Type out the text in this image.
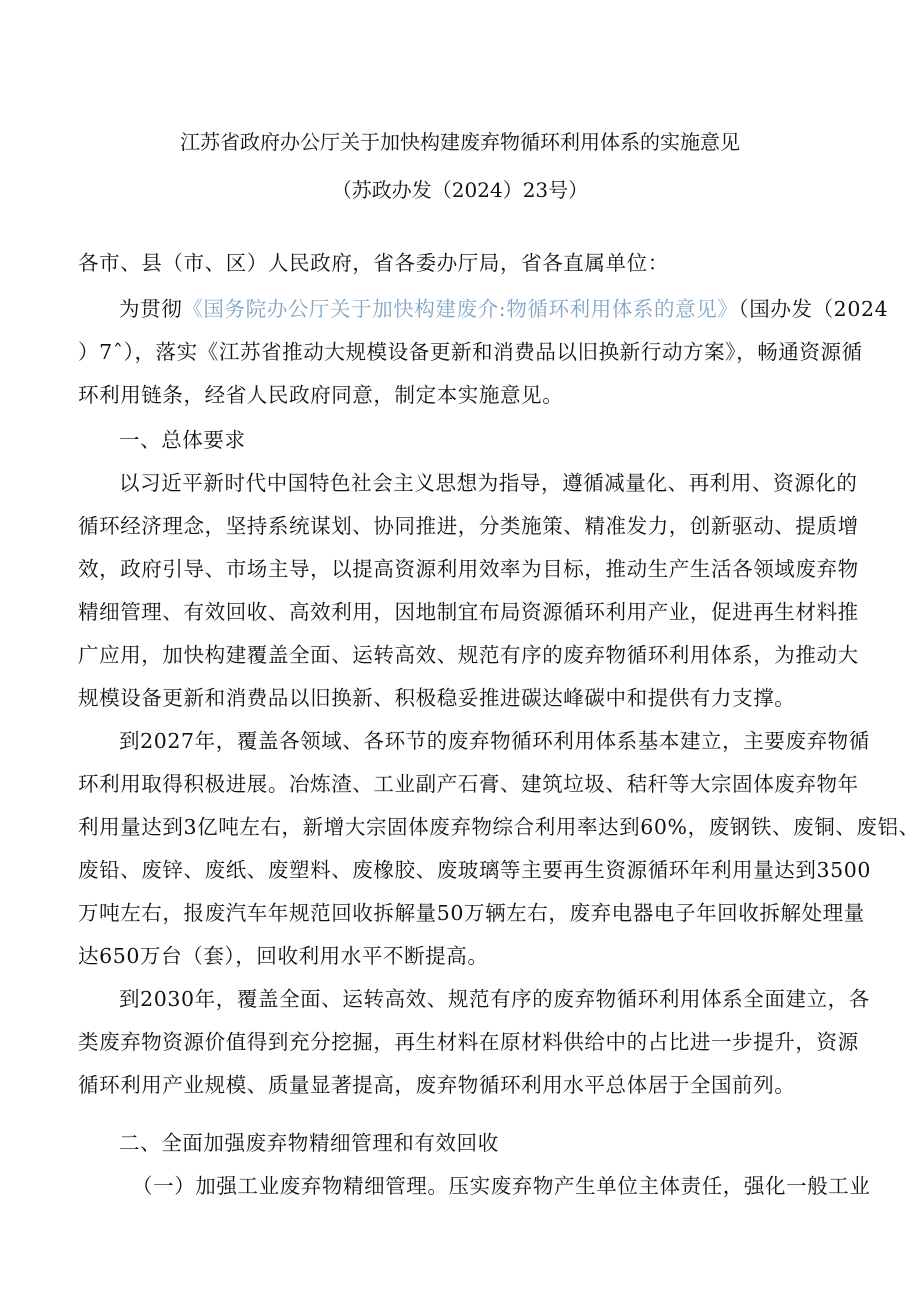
江苏省政府办公厅关于加快构建废弃物循环利用体系的实施意见
（苏政办发（2024）23号）
各市、县（市、区）人民政府，省各委办厅局，省各直属单位：
为贯彻《国务院办公厅关于加快构建废介:物循环利用体系的意见》（国办发（2024
）7ˆ），落实《江苏省推动大规模设备更新和消费品以旧换新行动方案》，畅通资源循
环利用链条，经省人民政府同意，制定本实施意见。
一、总体要求
以习近平新时代中国特色社会主义思想为指导，遵循减量化、再利用、资源化的
循环经济理念，坚持系统谋划、协同推进，分类施策、精准发力，创新驱动、提质增
效，政府引导、市场主导，以提高资源利用效率为目标，推动生产生活各领域废弃物
精细管理、有效回收、高效利用，因地制宜布局资源循环利用产业，促进再生材料推
广应用，加快构建覆盖全面、运转高效、规范有序的废弃物循环利用体系，为推动大
规模设备更新和消费品以旧换新、积极稳妥推进碳达峰碳中和提供有力支撑。
到2027年，覆盖各领域、各环节的废弃物循环利用体系基本建立，主要废弃物循
环利用取得积极进展。冶炼渣、工业副产石膏、建筑垃圾、秸秆等大宗固体废弃物年
利用量达到3亿吨左右，新增大宗固体废弃物综合利用率达到60%，废钢铁、废铜、废铝、
废铅、废锌、废纸、废塑料、废橡胶、废玻璃等主要再生资源循环年利用量达到3500
万吨左右，报废汽车年规范回收拆解量50万辆左右，废弃电器电子年回收拆解处理量
达650万台（套），回收利用水平不断提高。
到2030年，覆盖全面、运转高效、规范有序的废弃物循环利用体系全面建立，各
类废弃物资源价值得到充分挖掘，再生材料在原材料供给中的占比进一步提升，资源
循环利用产业规模、质量显著提高，废弃物循环利用水平总体居于全国前列。
二、全面加强废弃物精细管理和有效回收
（一）加强工业废弃物精细管理。压实废弃物产生单位主体责任，强化一般工业
